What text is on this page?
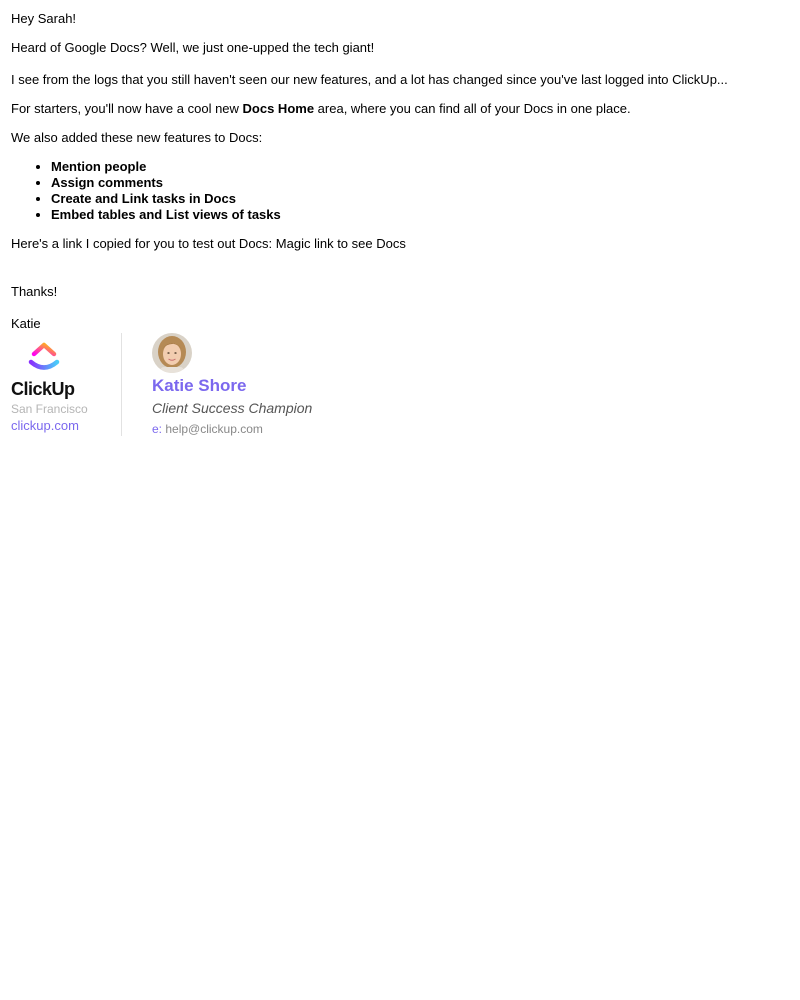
Hey Sarah!

Heard of Google Docs? Well, we just one-upped the tech giant!

I see from the logs that you still haven't seen our new features, and a lot has changed since you've last logged into ClickUp...

For starters, you'll now have a cool new Docs Home area, where you can find all of your Docs in one place.

We also added these new features to Docs:

• Mention people
• Assign comments
• Create and Link tasks in Docs
• Embed tables and List views of tasks

Here's a link I copied for you to test out Docs: Magic link to see Docs

Thanks!

Katie

ClickUp
San Francisco
clickup.com
Katie Shore
Client Success Champion
e: help@clickup.com
